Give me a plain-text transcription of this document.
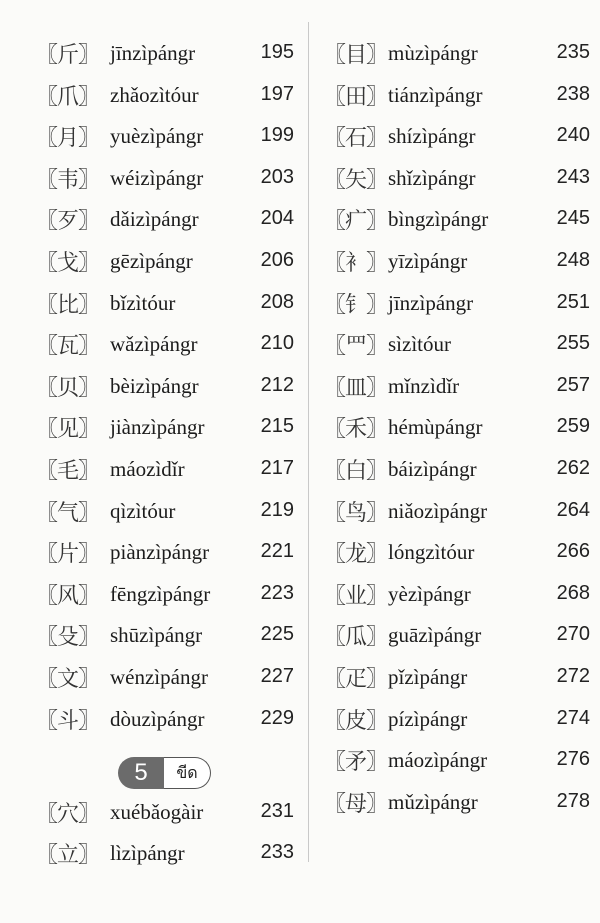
〖斤〗 jīnzìpángr	195
〖爪〗 zhǎozìtóur	197
〖月〗 yuèzìpángr	199
〖韦〗 wéizìpángr	203
〖歹〗 dǎizìpángr	204
〖戈〗 gēzìpángr	206
〖比〗 bǐzìtóur	208
〖瓦〗 wǎzìpángr	210
〖贝〗 bèizìpángr	212
〖见〗 jiànzìpángr	215
〖毛〗 máozìdǐr	217
〖气〗 qìzìtóur	219
〖片〗 piànzìpángr	221
〖风〗 fēngzìpángr	223
〖殳〗 shūzìpángr	225
〖文〗 wénzìpángr	227
〖斗〗 dòuzìpángr	229
〖穴〗 xuébǎogàir	231
〖立〗 lìzìpángr	233
〖目〗 mùzìpángr	235
〖田〗 tiánzìpángr	238
〖石〗 shízìpángr	240
〖矢〗 shǐzìpángr	243
〖疒〗 bìngzìpángr	245
〖衤〗 yīzìpángr	248
〖钅〗 jīnzìpángr	251
〖罒〗 sìzìtóur	255
〖皿〗 mǐnzìdǐr	257
〖禾〗 hémùpángr	259
〖白〗 báizìpángr	262
〖鸟〗 niǎozìpángr	264
〖龙〗 lóngzìtóur	266
〖业〗 yèzìpángr	268
〖瓜〗 guāzìpángr	270
〖疋〗 pǐzìpángr	272
〖皮〗 pízìpángr	274
〖矛〗 máozìpángr	276
〖母〗 mǔzìpángr	278
5	ขีด
